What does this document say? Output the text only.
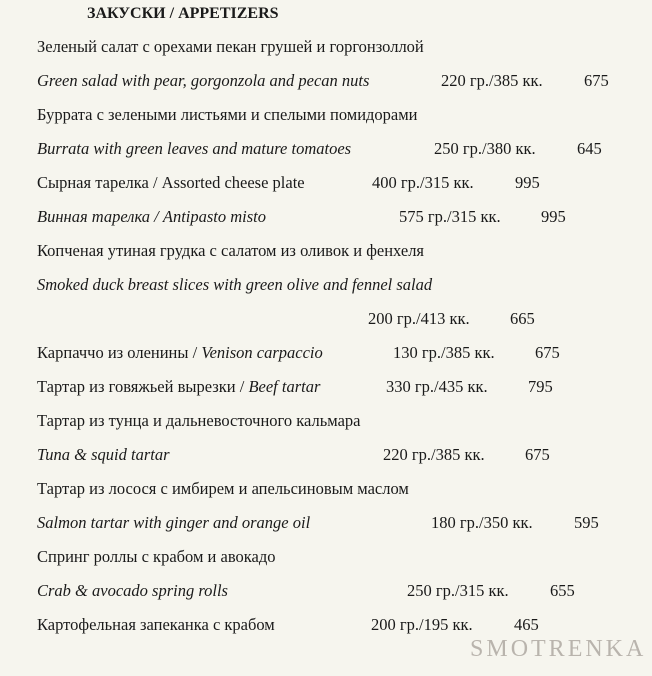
ЗАКУСКИ / APPETIZERS
Зеленый салат с орехами пекан грушей и горгонзоллой
Green salad with pear, gorgonzola and pecan nuts	220 гр./385 кк.	675
Буррата с зелеными листьями и спелыми помидорами
Burrata with green leaves and mature tomatoes	250 гр./380 кк.	645
Сырная тарелка / Assorted cheese plate	400 гр./315 кк.	995
Винная тарелка / Antipasto misto	575 гр./315 кк. 995
Копченая утиная грудка с салатом из оливок и фенхеля
Smoked duck breast slices with green olive and fennel salad
200 гр./413 кк. 665
Карпаччо из оленины / Venison carpaccio	130 гр./385 кк. 675
Тартар из говяжьей вырезки / Beef tartar	330 гр./435 кк. 795
Тартар из тунца и дальневосточного кальмара
Tuna & squid tartar	220 гр./385 кк. 675
Тартар из лосося с имбирем и апельсиновым маслом
Salmon tartar with ginger and orange oil	180 гр./350 кк.	595
Спринг роллы с крабом и авокадо
Crab & avocado spring rolls	250 гр./315 кк.	655
Картофельная запеканка с крабом	200 гр./195 кк.	465
SMOTRENKA
